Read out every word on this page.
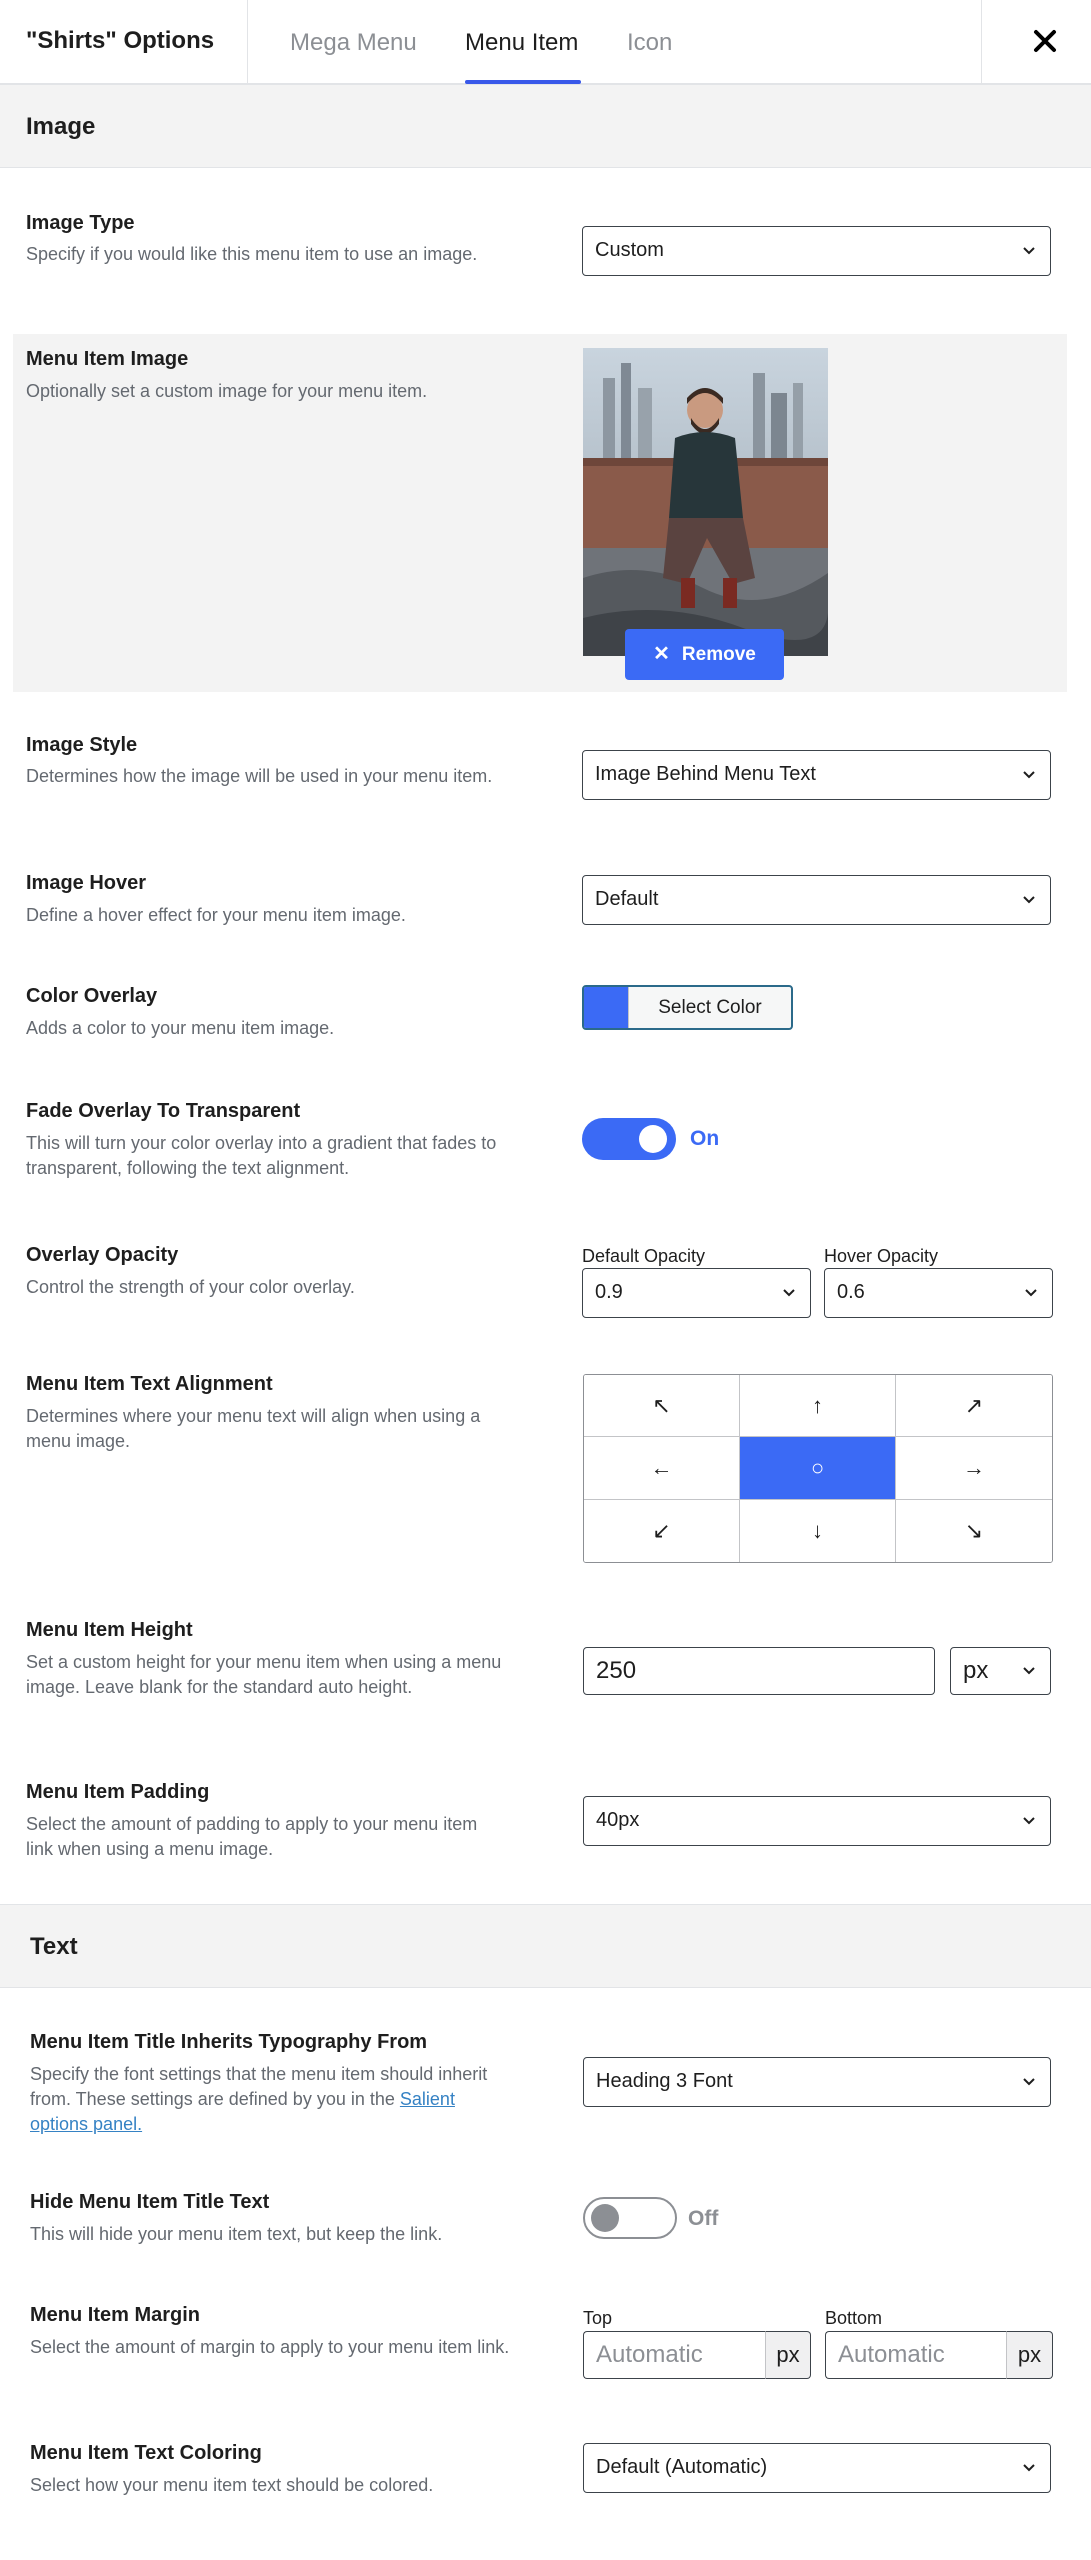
"Shirts" Options	Mega Menu Menu Item Icon
Image
Image Type
Specify if you would like this menu item to use an image.	Custom
Menu Item Image
Optionally set a custom image for your menu item.
✕ Remove
Image Style
Determines how the image will be used in your menu item.	Image Behind Menu Text
Image Hover
Define a hover effect for your menu item image.
Default
Color Overlay
Adds a color to your menu item image.
Select Color
Fade Overlay To Transparent
This will turn your color overlay into a gradient that fades to transparent, following the text alignment.
On
Overlay Opacity
Control the strength of your color overlay.
Default Opacity
0.9
Hover Opacity
0.6
Menu Item Text Alignment
Determines where your menu text will align when using a menu image.
↖	↑	↗
←	○	→
↙	↓	↘
Menu Item Height
Set a custom height for your menu item when using a menu image. Leave blank for the standard auto height.
250	px
Menu Item Padding
Select the amount of padding to apply to your menu item link when using a menu image.
40px
Text
Menu Item Title Inherits Typography From
Specify the font settings that the menu item should inherit from. These settings are defined by you in the Salient options panel.
Heading 3 Font
Hide Menu Item Title Text
This will hide your menu item text, but keep the link.
Off
Menu Item Margin
Select the amount of margin to apply to your menu item link.
Top
Automatic	px
Bottom
Automatic	px
Menu Item Text Coloring
Select how your menu item text should be colored.
Default (Automatic)
